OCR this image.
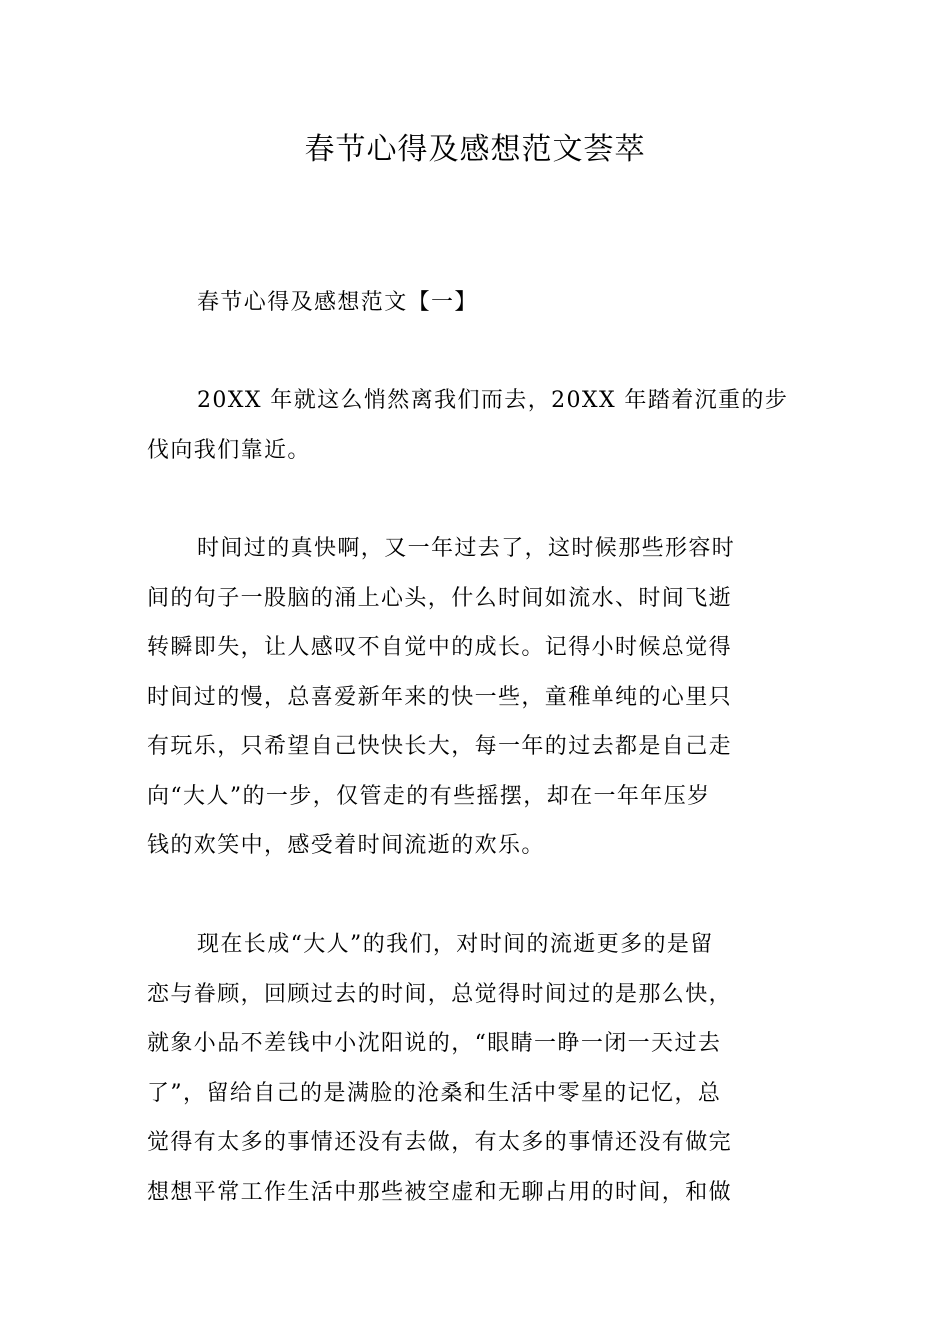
春节心得及感想范文荟萃
春节心得及感想范文【一】
20XX 年就这么悄然离我们而去，20XX 年踏着沉重的步
伐向我们靠近。
时间过的真快啊，又一年过去了，这时候那些形容时
间的句子一股脑的涌上心头，什么时间如流水、时间飞逝
转瞬即失，让人感叹不自觉中的成长。记得小时候总觉得
时间过的慢，总喜爱新年来的快一些，童稚单纯的心里只
有玩乐，只希望自己快快长大，每一年的过去都是自己走
向“大人”的一步，仅管走的有些摇摆，却在一年年压岁
钱的欢笑中，感受着时间流逝的欢乐。
现在长成“大人”的我们，对时间的流逝更多的是留
恋与眷顾，回顾过去的时间，总觉得时间过的是那么快，
就象小品不差钱中小沈阳说的，“眼睛一睁一闭一天过去
了”，留给自己的是满脸的沧桑和生活中零星的记忆，总
觉得有太多的事情还没有去做，有太多的事情还没有做完
想想平常工作生活中那些被空虚和无聊占用的时间，和做
